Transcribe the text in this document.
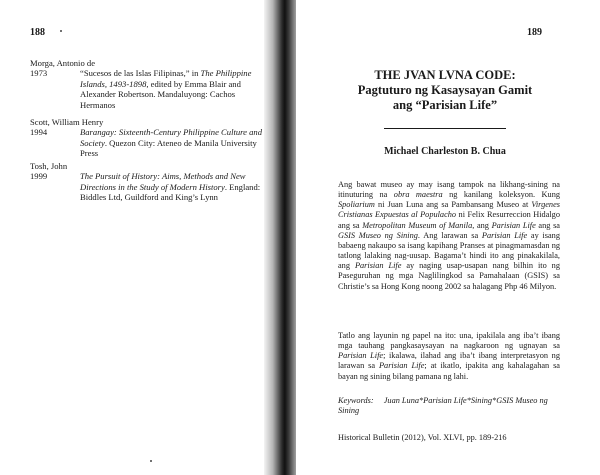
188
Morga, Antonio de
1973	“Sucesos de las Islas Filipinas,” in The Philippine Islands, 1493-1898, edited by Emma Blair and Alexander Robertson. Mandaluyong: Cachos Hermanos
Scott, William Henry
1994	Barangay: Sixteenth-Century Philippine Culture and Society. Quezon City: Ateneo de Manila University Press
Tosh, John
1999	The Pursuit of History: Aims, Methods and New Directions in the Study of Modern History. England: Biddles Ltd, Guildford and King’s Lynn
189
THE JVAN LVNA CODE:
Pagtuturo ng Kasaysayan Gamit
ang “Parisian Life”
Michael Charleston B. Chua

Ang bawat museo ay may isang tampok na likhang-sining na itinuturing na obra maestra ng kanilang koleksyon. Kung Spoliarium ni Juan Luna ang sa Pambansang Museo at Virgenes Cristianas Expuestas al Populacho ni Felix Resurreccion Hidalgo ang sa Metropolitan Museum of Manila, ang Parisian Life ang sa GSIS Museo ng Sining. Ang larawan sa Parisian Life ay isang babaeng nakaupo sa isang kapihang Pranses at pinagmamasdan ng tatlong lalaking nag-uusap. Bagama’t hindi ito ang pinakakilala, ang Parisian Life ay naging usap-usapan nang bilhin ito ng Paseguruhan ng mga Naglilingkod sa Pamahalaan (GSIS) sa Christie’s sa Hong Kong noong 2002 sa halagang Php 46 Milyon.

Tatlo ang layunin ng papel na ito: una, ipakilala ang iba’t ibang mga tauhang pangkasaysayan na nagkaroon ng ugnayan sa Parisian Life; ikalawa, ilahad ang iba’t ibang interpretasyon ng larawan sa Parisian Life; at ikatlo, ipakita ang kahalagahan sa bayan ng sining bilang pamana ng lahi.

Keywords: Juan Luna*Parisian Life*Sining*GSIS Museo ng Sining
Historical Bulletin (2012), Vol. XLVI, pp. 189-216
